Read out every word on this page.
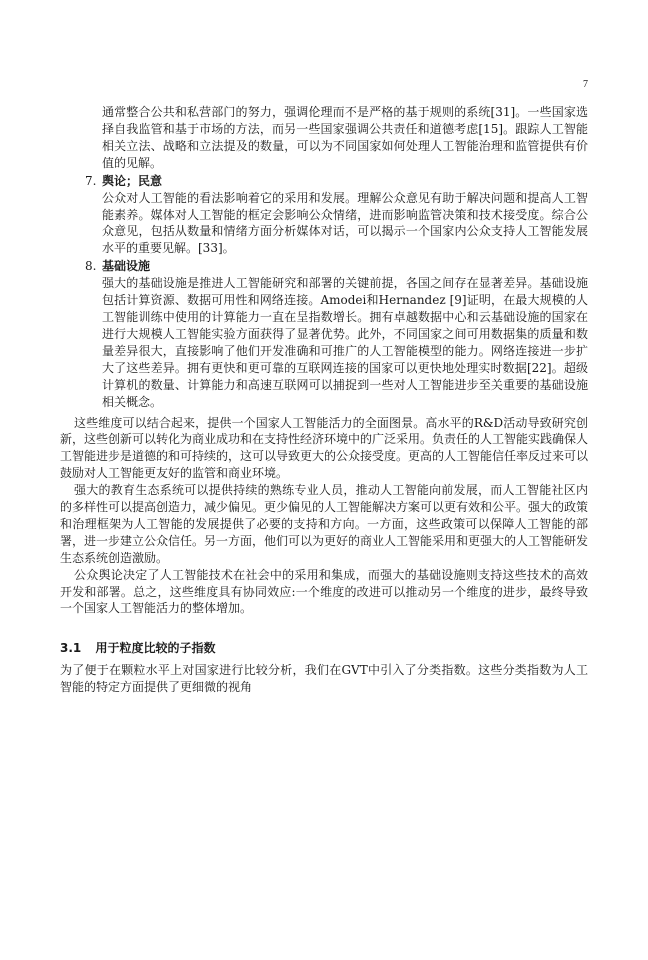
7

通常整合公共和私营部门的努力，强调伦理而不是严格的基于规则的系统[31]。一些国家选择自我监管和基于市场的方法，而另一些国家强调公共责任和道德考虑[15]。跟踪人工智能相关立法、战略和立法提及的数量，可以为不同国家如何处理人工智能治理和监管提供有价值的见解。

7. 舆论；民意

公众对人工智能的看法影响着它的采用和发展。理解公众意见有助于解决问题和提高人工智能素养。媒体对人工智能的框定会影响公众情绪，进而影响监管决策和技术接受度。综合公众意见，包括从数量和情绪方面分析媒体对话，可以揭示一个国家内公众支持人工智能发展水平的重要见解。[33]。

8. 基础设施

强大的基础设施是推进人工智能研究和部署的关键前提，各国之间存在显著差异。基础设施包括计算资源、数据可用性和网络连接。Amodei和Hernandez [9]证明，在最大规模的人工智能训练中使用的计算能力一直在呈指数增长。拥有卓越数据中心和云基础设施的国家在进行大规模人工智能实验方面获得了显著优势。此外，不同国家之间可用数据集的质量和数量差异很大，直接影响了他们开发准确和可推广的人工智能模型的能力。网络连接进一步扩大了这些差异。拥有更快和更可靠的互联网连接的国家可以更快地处理实时数据[22]。超级计算机的数量、计算能力和高速互联网可以捕捉到一些对人工智能进步至关重要的基础设施相关概念。

这些维度可以结合起来，提供一个国家人工智能活力的全面图景。高水平的R&D活动导致研究创新，这些创新可以转化为商业成功和在支持性经济环境中的广泛采用。负责任的人工智能实践确保人工智能进步是道德的和可持续的，这可以导致更大的公众接受度。更高的人工智能信任率反过来可以鼓励对人工智能更友好的监管和商业环境。

强大的教育生态系统可以提供持续的熟练专业人员，推动人工智能向前发展，而人工智能社区内的多样性可以提高创造力，减少偏见。更少偏见的人工智能解决方案可以更有效和公平。强大的政策和治理框架为人工智能的发展提供了必要的支持和方向。一方面，这些政策可以保障人工智能的部署，进一步建立公众信任。另一方面，他们可以为更好的商业人工智能采用和更强大的人工智能研发生态系统创造激励。

公众舆论决定了人工智能技术在社会中的采用和集成，而强大的基础设施则支持这些技术的高效开发和部署。总之，这些维度具有协同效应:一个维度的改进可以推动另一个维度的进步，最终导致一个国家人工智能活力的整体增加。

3.1 用于粒度比较的子指数

为了便于在颗粒水平上对国家进行比较分析，我们在GVT中引入了分类指数。这些分类指数为人工智能的特定方面提供了更细微的视角
